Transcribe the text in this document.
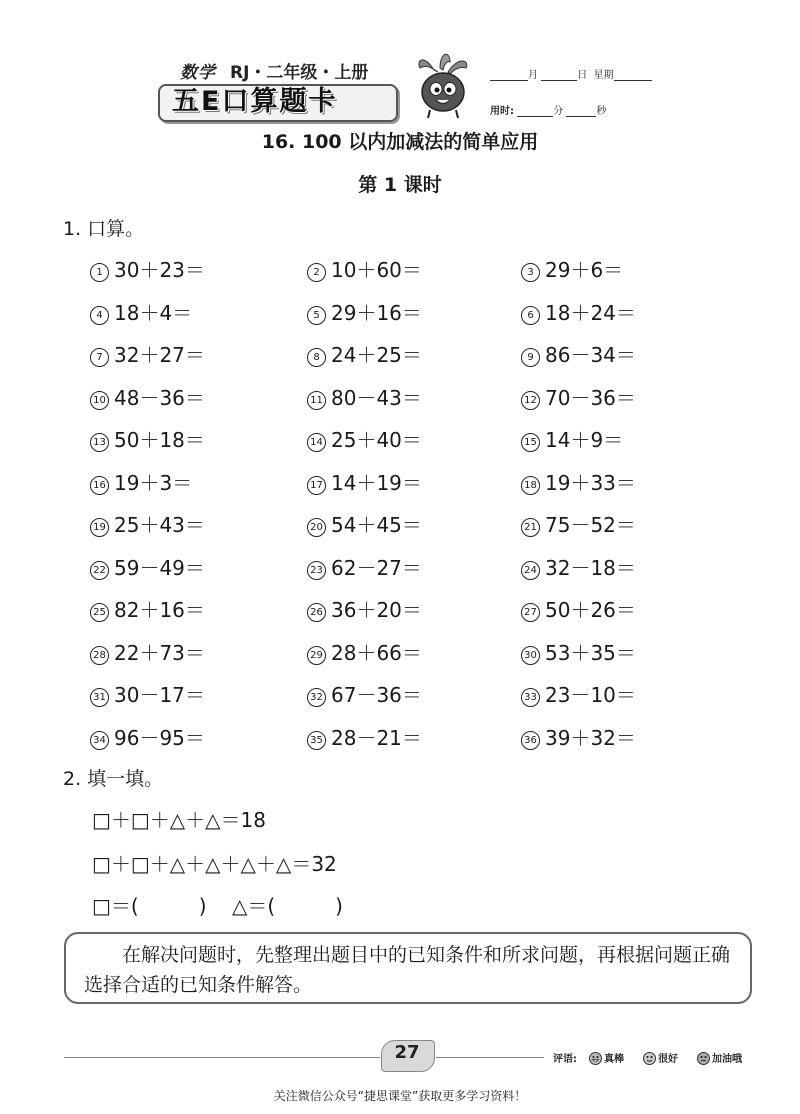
数学 RJ・二年级・上册
五E口算题卡
月	日 星期
用时:	分	秒
16. 100 以内加减法的简单应用
第 1 课时
1. 口算。
1 30＋23＝	2 10＋60＝	3 29＋6＝
4 18＋4＝	5 29＋16＝	6 18＋24＝
7 32＋27＝	8 24＋25＝	9 86－34＝
10 48－36＝	11 80－43＝	12 70－36＝
13 50＋18＝	14 25＋40＝	15 14＋9＝
16 19＋3＝	17 14＋19＝	18 19＋33＝
19 25＋43＝	20 54＋45＝	21 75－52＝
22 59－49＝	23 62－27＝	24 32－18＝
25 82＋16＝	26 36＋20＝	27 50＋26＝
28 22＋73＝	29 28＋66＝	30 53＋35＝
31 30－17＝	32 67－36＝	33 23－10＝
34 96－95＝	35 28－21＝	36 39＋32＝
2. 填一填。
□＋□＋△＋△＝18
□＋□＋△＋△＋△＋△＝32
□＝(　　　) △＝(　　　)
在解决问题时，先整理出题目中的已知条件和所求问题，再根据问题正确选择合适的已知条件解答。
27	评语:	真棒	很好	加油哦
关注微信公众号“捷思课堂”获取更多学习资料！
